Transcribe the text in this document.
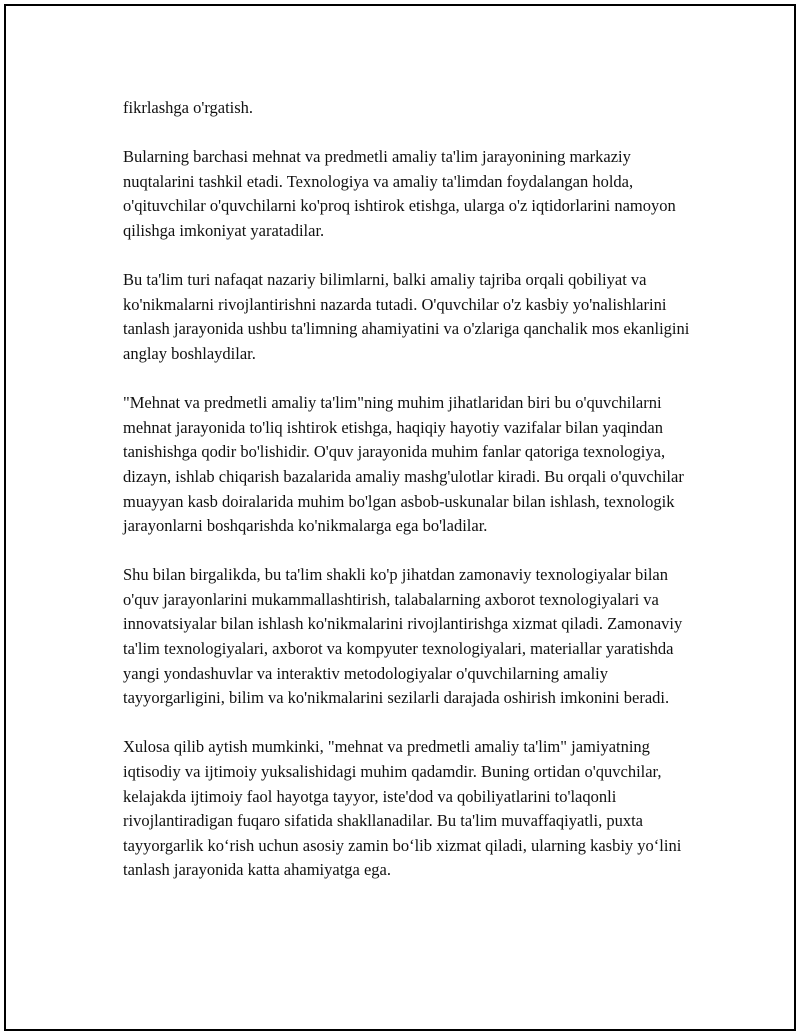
fikrlashga o'rgatish.

Bularning barchasi mehnat va predmetli amaliy ta'lim jarayonining markaziy nuqtalarini tashkil etadi. Texnologiya va amaliy ta'limdan foydalangan holda, o'qituvchilar o'quvchilarni ko'proq ishtirok etishga, ularga o'z iqtidorlarini namoyon qilishga imkoniyat yaratadilar.

Bu ta'lim turi nafaqat nazariy bilimlarni, balki amaliy tajriba orqali qobiliyat va ko'nikmalarni rivojlantirishni nazarda tutadi. O'quvchilar o'z kasbiy yo'nalishlarini tanlash jarayonida ushbu ta'limning ahamiyatini va o'zlariga qanchalik mos ekanligini anglay boshlaydilar.

"Mehnat va predmetli amaliy ta'lim"ning muhim jihatlaridan biri bu o'quvchilarni mehnat jarayonida to'liq ishtirok etishga, haqiqiy hayotiy vazifalar bilan yaqindan tanishishga qodir bo'lishidir. O'quv jarayonida muhim fanlar qatoriga texnologiya, dizayn, ishlab chiqarish bazalarida amaliy mashg'ulotlar kiradi. Bu orqali o'quvchilar muayyan kasb doiralarida muhim bo'lgan asbob-uskunalar bilan ishlash, texnologik jarayonlarni boshqarishda ko'nikmalarga ega bo'ladilar.

Shu bilan birgalikda, bu ta'lim shakli ko'p jihatdan zamonaviy texnologiyalar bilan o'quv jarayonlarini mukammallashtirish, talabalarning axborot texnologiyalari va innovatsiyalar bilan ishlash ko'nikmalarini rivojlantirishga xizmat qiladi. Zamonaviy ta'lim texnologiyalari, axborot va kompyuter texnologiyalari, materiallar yaratishda yangi yondashuvlar va interaktiv metodologiyalar o'quvchilarning amaliy tayyorgarligini, bilim va ko'nikmalarini sezilarli darajada oshirish imkonini beradi.

Xulosa qilib aytish mumkinki, "mehnat va predmetli amaliy ta'lim" jamiyatning iqtisodiy va ijtimoiy yuksalishidagi muhim qadamdir. Buning ortidan o'quvchilar, kelajakda ijtimoiy faol hayotga tayyor, iste'dod va qobiliyatlarini to'laqonli rivojlantiradigan fuqaro sifatida shakllanadilar. Bu ta'lim muvaffaqiyatli, puxta tayyorgarlik ko‘rish uchun asosiy zamin bo‘lib xizmat qiladi, ularning kasbiy yo‘lini tanlash jarayonida katta ahamiyatga ega.
